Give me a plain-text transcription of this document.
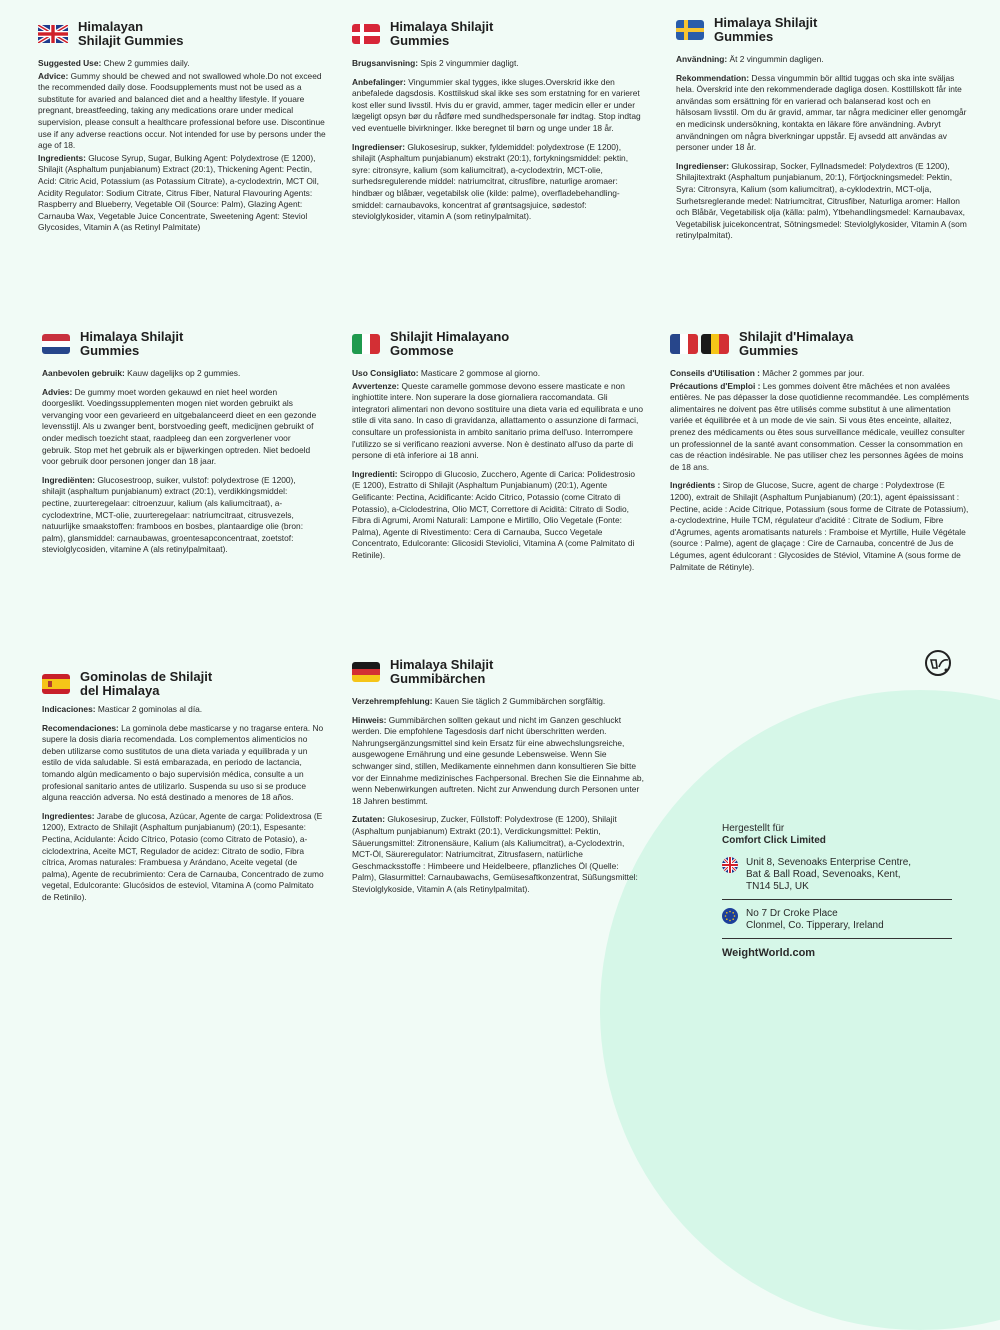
Himalayan
Shilajit Gummies

Suggested Use: Chew 2 gummies daily.

Advice: Gummy should be chewed and not swallowed whole.Do not exceed the recommended daily dose. Foodsupplements must not be used as a substitute for avaried and balanced diet and a healthy lifestyle. If youare pregnant, breastfeeding, taking any medications orare under medical supervision, please consult a healthcare professional before use. Discontinue use if any adverse reactions occur. Not intended for use by persons under the age of 18.

Ingredients: Glucose Syrup, Sugar, Bulking Agent: Polydextrose (E 1200), Shilajit (Asphaltum punjabianum) Extract (20:1), Thickening Agent: Pectin, Acid: Citric Acid, Potassium (as Potassium Citrate), a-cyclodextrin, MCT Oil, Acidity Regulator: Sodium Citrate, Citrus Fiber, Natural Flavouring Agents: Raspberry and Blueberry, Vegetable Oil (Source: Palm), Glazing Agent: Carnauba Wax, Vegetable Juice Concentrate, Sweetening Agent: Steviol Glycosides, Vitamin A (as Retinyl Palmitate)

Himalaya Shilajit
Gummies

Brugsanvisning: Spis 2 vingummier dagligt.

Anbefalinger: Vingummier skal tygges, ikke sluges.Overskrid ikke den anbefalede dagsdosis. Kosttilskud skal ikke ses som erstatning for en varieret kost eller sund livsstil. Hvis du er gravid, ammer, tager medicin eller er under lægeligt opsyn bør du rådføre med sundhedspersonale før indtag. Stop indtag ved eventuelle bivirkninger. Ikke beregnet til børn og unge under 18 år.

Ingredienser: Glukosesirup, sukker, fyldemiddel: polydextrose (E 1200), shilajit (Asphaltum punjabianum) ekstrakt (20:1), fortykningsmiddel: pektin, syre: citronsyre, kalium (som kaliumcitrat), a-cyclodextrin, MCT-olie, surhedsregulerende middel: natriumcitrat, citrusfibre, naturlige aromaer: hindbær og blåbær, vegetabilsk olie (kilde: palme), overfladebehandling-smiddel: carnaubavoks, koncentrat af grøntsagsjuice, sødestof: steviolglykosider, vitamin A (som retinylpalmitat).

Himalaya Shilajit
Gummies

Användning: Ät 2 vingummin dagligen.

Rekommendation: Dessa vingummin bör alltid tuggas och ska inte sväljas hela. Överskrid inte den rekommenderade dagliga dosen. Kosttillskott får inte användas som ersättning för en varierad och balanserad kost och en hälsosam livsstil. Om du är gravid, ammar, tar några mediciner eller genomgår en medicinsk undersökning, kontakta en läkare före användning. Avbryt användningen om några biverkningar uppstår. Ej avsedd att användas av personer under 18 år.

Ingredienser: Glukossirap, Socker, Fyllnadsmedel: Polydextros (E 1200), Shilajitextrakt (Asphaltum punjabianum, 20:1), Förtjockningsmedel: Pektin, Syra: Citronsyra, Kalium (som kaliumcitrat), a-cyklodextrin, MCT-olja, Surhetsreglerande medel: Natriumcitrat, Citrusfiber, Naturliga aromer: Hallon och Blåbär, Vegetabilisk olja (källa: palm), Ytbehandlingsmedel: Karnaubavax, Vegetabilisk juicekoncentrat, Sötningsmedel: Steviolglykosider, Vitamin A (som retinylpalmitat).

Himalaya Shilajit
Gummies

Aanbevolen gebruik: Kauw dagelijks op 2 gummies.

Advies: De gummy moet worden gekauwd en niet heel worden doorgeslikt. Voedingssupplementen mogen niet worden gebruikt als vervanging voor een gevarieerd en uitgebalanceerd dieet en een gezonde levensstijl. Als u zwanger bent, borstvoeding geeft, medicijnen gebruikt of onder medisch toezicht staat, raadpleeg dan een zorgverlener voor gebruik. Stop met het gebruik als er bijwerkingen optreden. Niet bedoeld voor gebruik door personen jonger dan 18 jaar.

Ingrediënten: Glucosestroop, suiker, vulstof: polydextrose (E 1200), shilajit (asphaltum punjabianum) extract (20:1), verdikkingsmiddel: pectine, zuurteregelaar: citroenzuur, kalium (als kaliumcitraat), a-cyclodextrine, MCT-olie, zuurteregelaar: natriumcitraat, citrusvezels, natuurlijke smaakstoffen: framboos en bosbes, plantaardige olie (bron: palm), glansmiddel: carnaubawas, groentesapconcentraat, zoetstof: steviolglycosiden, vitamine A (als retinylpalmitaat).

Shilajit Himalayano
Gommose

Uso Consigliato: Masticare 2 gommose al giorno.

Avvertenze: Queste caramelle gommose devono essere masticate e non inghiottite intere. Non superare la dose giornaliera raccomandata. Gli integratori alimentari non devono sostituire una dieta varia ed equilibrata e uno stile di vita sano. In caso di gravidanza, allattamento o assunzione di farmaci, consultare un professionista in ambito sanitario prima dell'uso. Interrompere l'utilizzo se si verificano reazioni avverse. Non è destinato all'uso da parte di persone di età inferiore ai 18 anni.

Ingredienti: Sciroppo di Glucosio, Zucchero, Agente di Carica: Polidestrosio (E 1200), Estratto di Shilajit (Asphaltum Punjabianum) (20:1), Agente Gelificante: Pectina, Acidificante: Acido Citrico, Potassio (come Citrato di Potassio), a-Ciclodestrina, Olio MCT, Correttore di Acidità: Citrato di Sodio, Fibra di Agrumi, Aromi Naturali: Lampone e Mirtillo, Olio Vegetale (Fonte: Palma), Agente di Rivestimento: Cera di Carnauba, Succo Vegetale Concentrato, Edulcorante: Glicosidi Steviolici, Vitamina A (come Palmitato di Retinile).

Shilajit d'Himalaya
Gummies

Conseils d'Utilisation : Mâcher 2 gommes par jour.

Précautions d'Emploi : Les gommes doivent être mâchées et non avalées entières. Ne pas dépasser la dose quotidienne recommandée. Les compléments alimentaires ne doivent pas être utilisés comme substitut à une alimentation variée et équilibrée et à un mode de vie sain. Si vous êtes enceinte, allaitez, prenez des médicaments ou êtes sous surveillance médicale, veuillez consulter un professionnel de la santé avant consommation. Cesser la consommation en cas de réaction indésirable. Ne pas utiliser chez les personnes âgées de moins de 18 ans.

Ingrédients : Sirop de Glucose, Sucre, agent de charge : Polydextrose (E 1200), extrait de Shilajit (Asphaltum Punjabianum) (20:1), agent épaississant : Pectine, acide : Acide Citrique, Potassium (sous forme de Citrate de Potassium), a-cyclodextrine, Huile TCM, régulateur d'acidité : Citrate de Sodium, Fibre d'Agrumes, agents aromatisants naturels : Framboise et Myrtille, Huile Végétale (source : Palme), agent de glaçage : Cire de Carnauba, concentré de Jus de Légumes, agent édulcorant : Glycosides de Stéviol, Vitamine A (sous forme de Palmitate de Rétinyle).

Gominolas de Shilajit
del Himalaya

Indicaciones: Masticar 2 gominolas al día.

Recomendaciones: La gominola debe masticarse y no tragarse entera. No supere la dosis diaria recomendada. Los complementos alimenticios no deben utilizarse como sustitutos de una dieta variada y equilibrada y un estilo de vida saludable. Si está embarazada, en periodo de lactancia, tomando algún medicamento o bajo supervisión médica, consulte a un profesional sanitario antes de utilizarlo. Suspenda su uso si se produce alguna reacción adversa. No está destinado a menores de 18 años.

Ingredientes: Jarabe de glucosa, Azúcar, Agente de carga: Polidextrosa (E 1200), Extracto de Shilajit (Asphaltum punjabianum) (20:1), Espesante: Pectina, Acidulante: Ácido Cítrico, Potasio (como Citrato de Potasio), a-ciclodextrina, Aceite MCT, Regulador de acidez: Citrato de sodio, Fibra cítrica, Aromas naturales: Frambuesa y Arándano, Aceite vegetal (de palma), Agente de recubrimiento: Cera de Carnauba, Concentrado de zumo vegetal, Edulcorante: Glucósidos de esteviol, Vitamina A (como Palmitato de Retinilo).

Himalaya Shilajit
Gummibärchen

Verzehrempfehlung: Kauen Sie täglich 2 Gummibärchen sorgfältig.

Hinweis: Gummibärchen sollten gekaut und nicht im Ganzen geschluckt werden. Die empfohlene Tagesdosis darf nicht überschritten werden. Nahrungsergänzungsmittel sind kein Ersatz für eine abwechslungsreiche, ausgewogene Ernährung und eine gesunde Lebensweise. Wenn Sie schwanger sind, stillen, Medikamente einnehmen dann konsultieren Sie bitte vor der Einnahme medizinisches Fachpersonal. Brechen Sie die Einnahme ab, wenn Nebenwirkungen auftreten. Nicht zur Anwendung durch Personen unter 18 Jahren bestimmt.

Zutaten: Glukosesirup, Zucker, Füllstoff: Polydextrose (E 1200), Shilajit (Asphaltum punjabianum) Extrakt (20:1), Verdickungsmittel: Pektin, Säuerungsmittel: Zitronensäure, Kalium (als Kaliumcitrat), a-Cyclodextrin, MCT-Öl, Säureregulator: Natriumcitrat, Zitrusfasern, natürliche Geschmacksstoffe : Himbeere und Heidelbeere, pflanzliches Öl (Quelle: Palm), Glasurmittel: Carnaubawachs, Gemüsesaftkonzentrat, Süßungsmittel: Steviolglykoside, Vitamin A (als Retinylpalmitat).

Hergestellt für
Comfort Click Limited
Unit 8, Sevenoaks Enterprise Centre,
Bat & Ball Road, Sevenoaks, Kent,
TN14 5LJ, UK
No 7 Dr Croke Place
Clonmel, Co. Tipperary, Ireland
WeightWorld.com
